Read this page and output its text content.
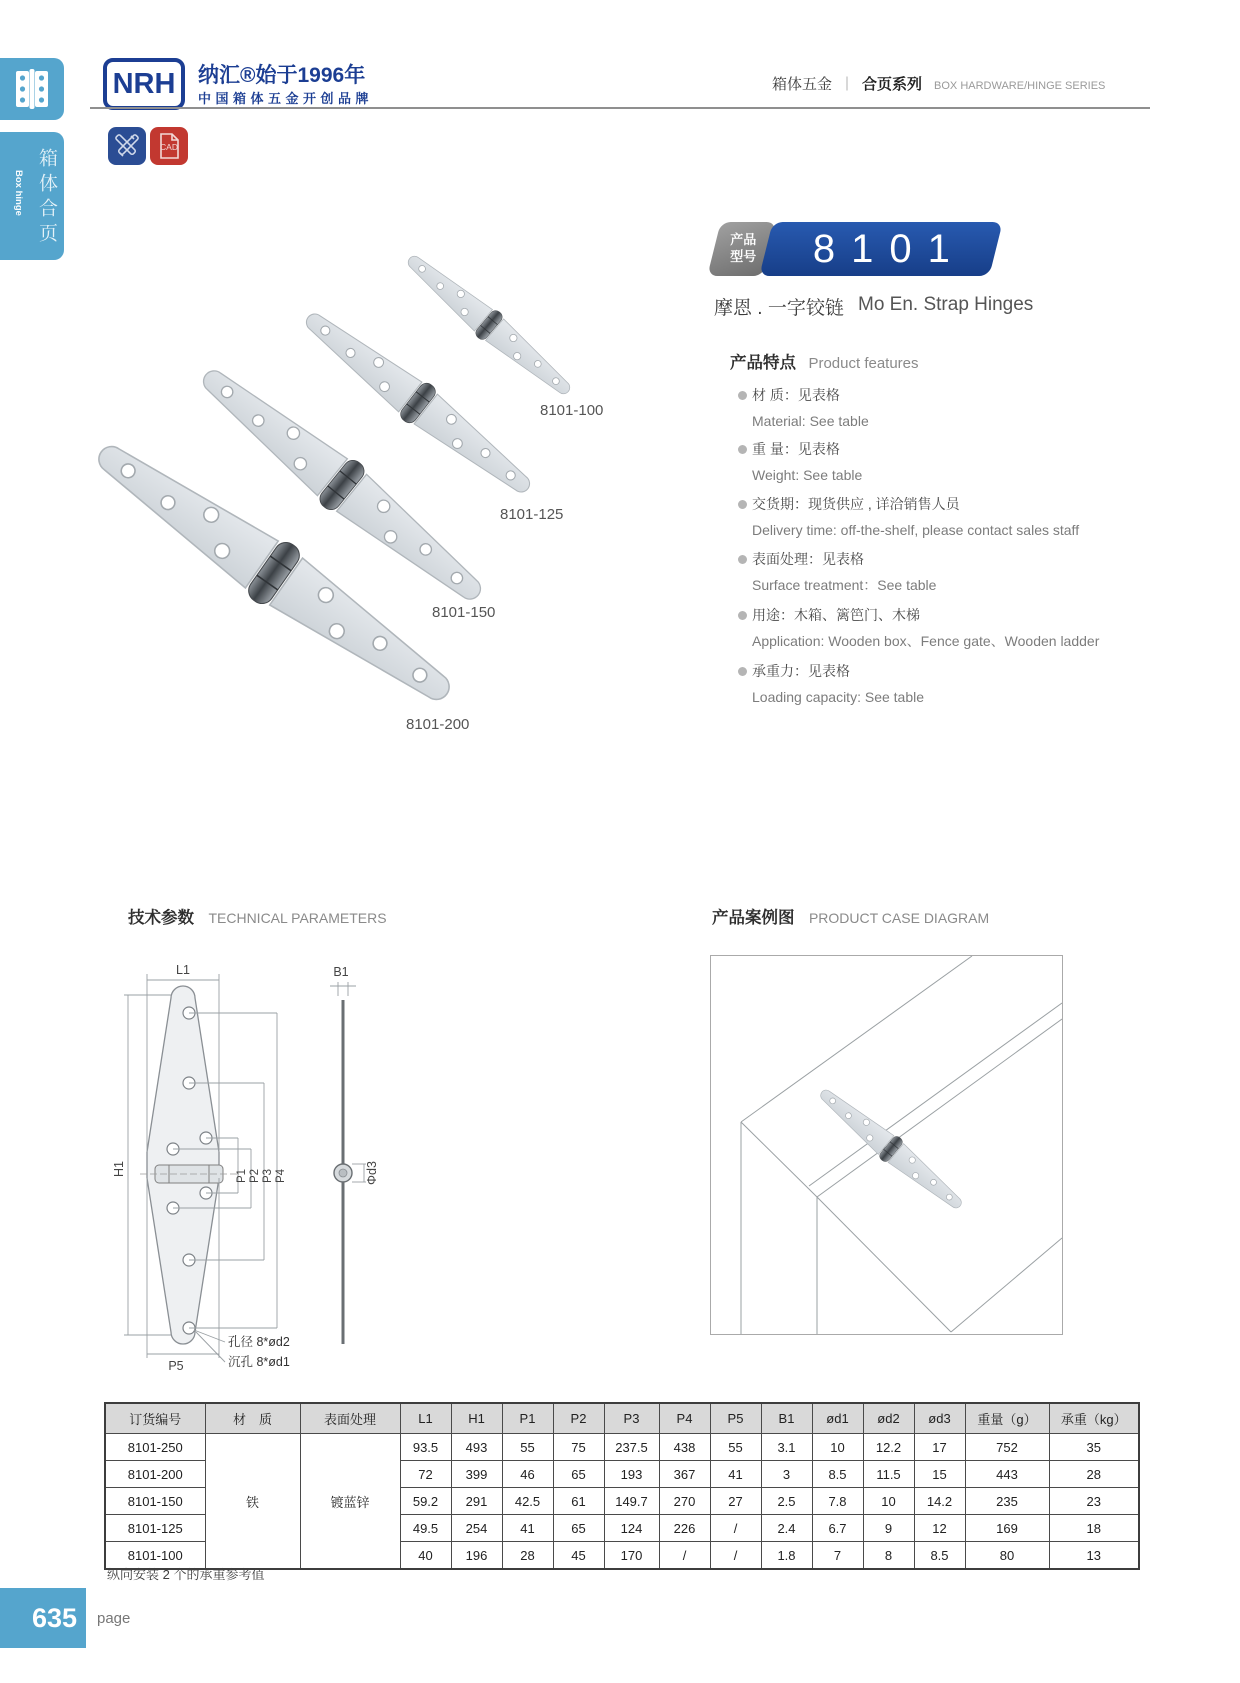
Box hinge 箱体合页
NRH	纳汇®始于1996年
中国箱体五金开创品牌
箱体五金 ｜ 合页系列 BOX HARDWARE/HINGE SERIES
CAD
8101-100
8101-125
8101-150
8101-200
产品
型号	8101
摩恩 . 一字铰链 Mo En. Strap Hinges
产品特点 Product features
材 质：见表格
Material: See table
重 量：见表格
Weight: See table
交货期：现货供应 , 详洽销售人员
Delivery time: off-the-shelf, please contact sales staff
表面处理：见表格
Surface treatment：See table
用途：木箱、篱笆门、木梯
Application: Wooden box、Fence gate、Wooden ladder
承重力：见表格
Loading capacity: See table
技术参数 TECHNICAL PARAMETERS	产品案例图 PRODUCT CASE DIAGRAM
L1
H1	P1 P2 P3 P4
P5
孔径 8*ød2
沉孔 8*ød1
B1
Φd3
订货编号	材　质	表面处理	L1	H1	P1	P2	P3	P4	P5	B1	ød1	ød2	ød3	重量（g）	承重（kg）
8101-250	铁	镀蓝锌	93.5	493	55	75	237.5	438	55	3.1	10	12.2	17	752	35
8101-200			72	399	46	65	193	367	41	3	8.5	11.5	15	443	28
8101-150			59.2	291	42.5	61	149.7	270	27	2.5	7.8	10	14.2	235	23
8101-125			49.5	254	41	65	124	226	/	2.4	6.7	9	12	169	18
8101-100			40	196	28	45	170	/	/	1.8	7	8	8.5	80	13
纵向安装 2 个的承重参考值
635	page
